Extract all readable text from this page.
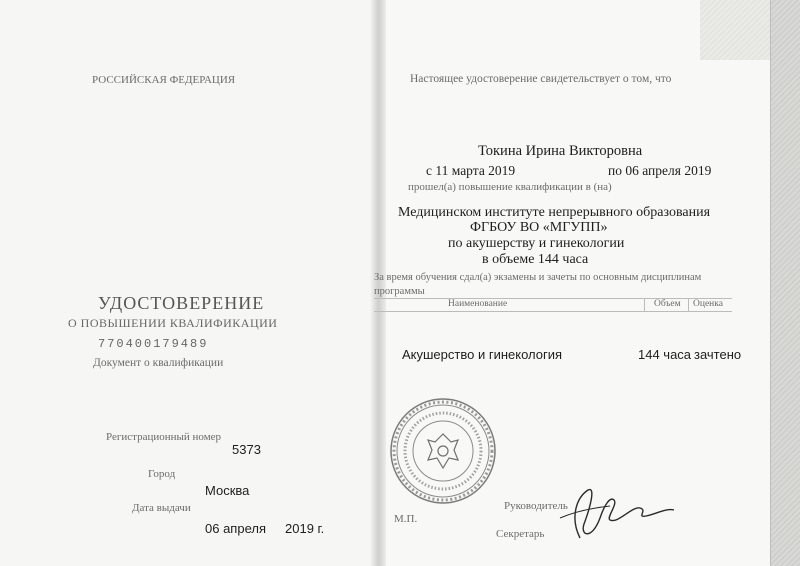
РОССИЙСКАЯ ФЕДЕРАЦИЯ
УДОСТОВЕРЕНИЕ
О ПОВЫШЕНИИ КВАЛИФИКАЦИИ
770400179489
Документ о квалификации
Регистрационный номер
5373
Город
Москва
Дата выдачи
06 апреля 2019 г.
Настоящее удостоверение свидетельствует о том, что
Токина Ирина Викторовна
с 11 марта 2019	по 06 апреля 2019
прошел(а) повышение квалификации в (на)
Медицинском институте непрерывного образования
ФГБОУ ВО «МГУПП»
по акушерству и гинекологии
в объеме 144 часа
За время обучения сдал(а) экзамены и зачеты по основным дисциплинам
программы
Наименование	Объем Оценка
Акушерство и гинекология	144 часа зачтено
М.П.
Руководитель
Секретарь
